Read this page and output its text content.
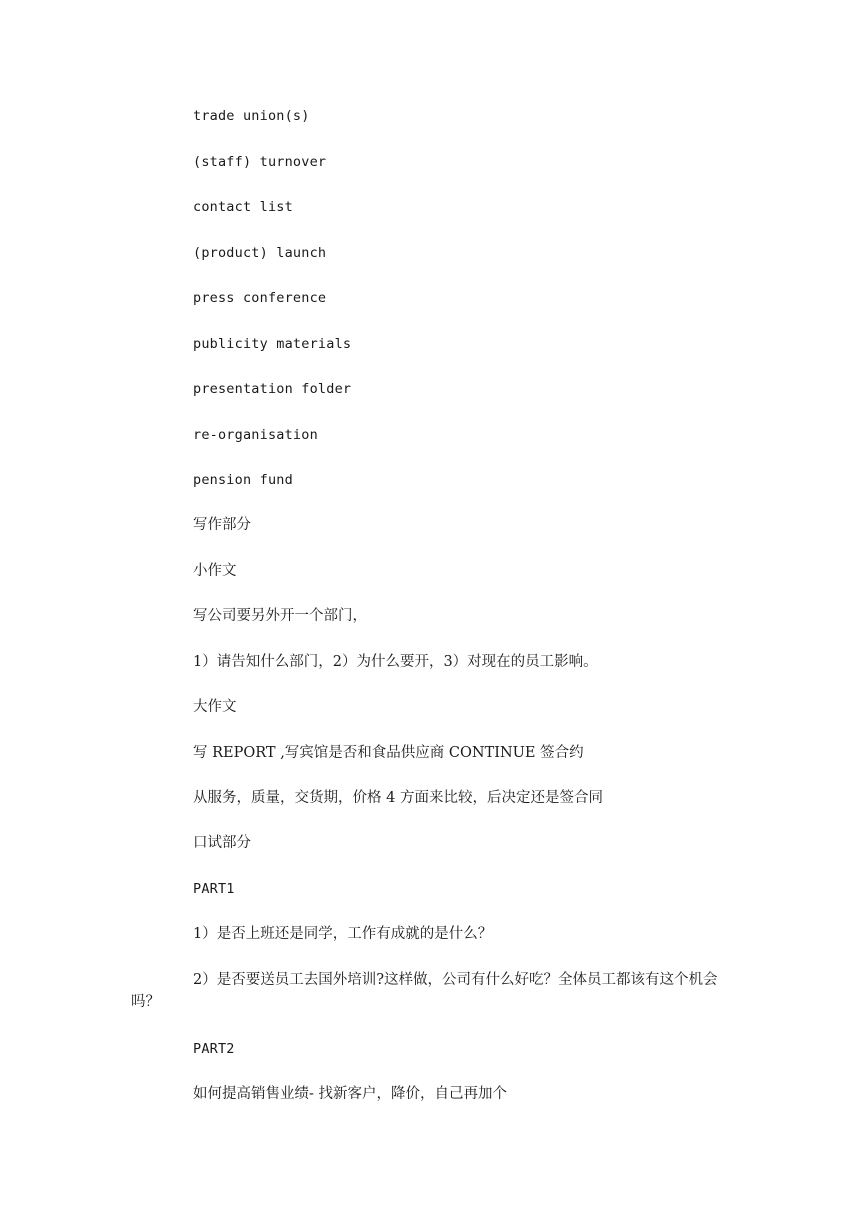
trade union(s)
(staff) turnover
contact list
(product) launch
press conference
publicity materials
presentation folder
re-organisation
pension fund
写作部分
小作文
写公司要另外开一个部门，
1）请告知什么部门，2）为什么要开，3）对现在的员工影响。
大作文
写 REPORT ,写宾馆是否和食品供应商 CONTINUE 签合约
从服务，质量，交货期，价格 4 方面来比较，后决定还是签合同
口试部分
PART1
1）是否上班还是同学，工作有成就的是什么？
2）是否要送员工去国外培训?这样做，公司有什么好吃？全体员工都该有这个机会吗？
PART2
如何提高销售业绩- 找新客户，降价，自己再加个
